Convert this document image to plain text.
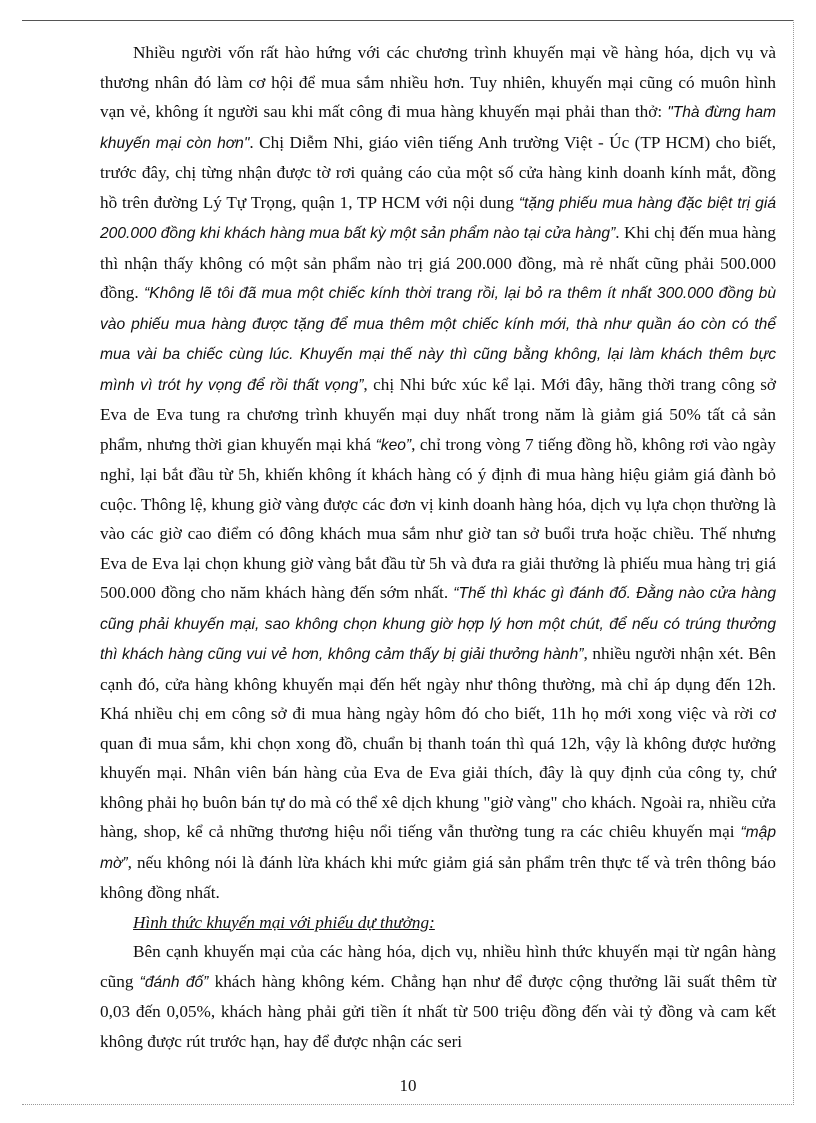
Nhiều người vốn rất hào hứng với các chương trình khuyến mại về hàng hóa, dịch vụ và thương nhân đó làm cơ hội để mua sắm nhiều hơn. Tuy nhiên, khuyến mại cũng có muôn hình vạn vẻ, không ít người sau khi mất công đi mua hàng khuyến mại phải than thở: "Thà đừng ham khuyến mại còn hơn". Chị Diễm Nhi, giáo viên tiếng Anh trường Việt - Úc (TP HCM) cho biết, trước đây, chị từng nhận được tờ rơi quảng cáo của một số cửa hàng kinh doanh kính mắt, đồng hồ trên đường Lý Tự Trọng, quận 1, TP HCM với nội dung “tặng phiếu mua hàng đặc biệt trị giá 200.000 đồng khi khách hàng mua bất kỳ một sản phẩm nào tại cửa hàng”. Khi chị đến mua hàng thì nhận thấy không có một sản phẩm nào trị giá 200.000 đồng, mà rẻ nhất cũng phải 500.000 đồng. “Không lẽ tôi đã mua một chiếc kính thời trang rồi, lại bỏ ra thêm ít nhất 300.000 đồng bù vào phiếu mua hàng được tặng để mua thêm một chiếc kính mới, thà như quần áo còn có thể mua vài ba chiếc cùng lúc. Khuyến mại thế này thì cũng bằng không, lại làm khách thêm bực mình vì trót hy vọng để rồi thất vọng”, chị Nhi bức xúc kể lại. Mới đây, hãng thời trang công sở Eva de Eva tung ra chương trình khuyến mại duy nhất trong năm là giảm giá 50% tất cả sản phẩm, nhưng thời gian khuyến mại khá “keo”, chỉ trong vòng 7 tiếng đồng hồ, không rơi vào ngày nghỉ, lại bắt đầu từ 5h, khiến không ít khách hàng có ý định đi mua hàng hiệu giảm giá đành bỏ cuộc. Thông lệ, khung giờ vàng được các đơn vị kinh doanh hàng hóa, dịch vụ lựa chọn thường là vào các giờ cao điểm có đông khách mua sắm như giờ tan sở buổi trưa hoặc chiều. Thế nhưng Eva de Eva lại chọn khung giờ vàng bắt đầu từ 5h và đưa ra giải thưởng là phiếu mua hàng trị giá 500.000 đồng cho năm khách hàng đến sớm nhất. “Thế thì khác gì đánh đố. Đằng nào cửa hàng cũng phải khuyến mại, sao không chọn khung giờ hợp lý hơn một chút, để nếu có trúng thưởng thì khách hàng cũng vui vẻ hơn, không cảm thấy bị giải thưởng hành”, nhiều người nhận xét. Bên cạnh đó, cửa hàng không khuyến mại đến hết ngày như thông thường, mà chỉ áp dụng đến 12h. Khá nhiều chị em công sở đi mua hàng ngày hôm đó cho biết, 11h họ mới xong việc và rời cơ quan đi mua sắm, khi chọn xong đồ, chuẩn bị thanh toán thì quá 12h, vậy là không được hưởng khuyến mại. Nhân viên bán hàng của Eva de Eva giải thích, đây là quy định của công ty, chứ không phải họ buôn bán tự do mà có thể xê dịch khung "giờ vàng" cho khách. Ngoài ra, nhiều cửa hàng, shop, kể cả những thương hiệu nổi tiếng vẫn thường tung ra các chiêu khuyến mại “mập mờ”, nếu không nói là đánh lừa khách khi mức giảm giá sản phẩm trên thực tế và trên thông báo không đồng nhất.

Hình thức khuyến mại với phiếu dự thưởng:

Bên cạnh khuyến mại của các hàng hóa, dịch vụ, nhiều hình thức khuyến mại từ ngân hàng cũng “đánh đố” khách hàng không kém. Chẳng hạn như để được cộng thưởng lãi suất thêm từ 0,03 đến 0,05%, khách hàng phải gửi tiền ít nhất từ 500 triệu đồng đến vài tỷ đồng và cam kết không được rút trước hạn, hay để được nhận các seri

10
